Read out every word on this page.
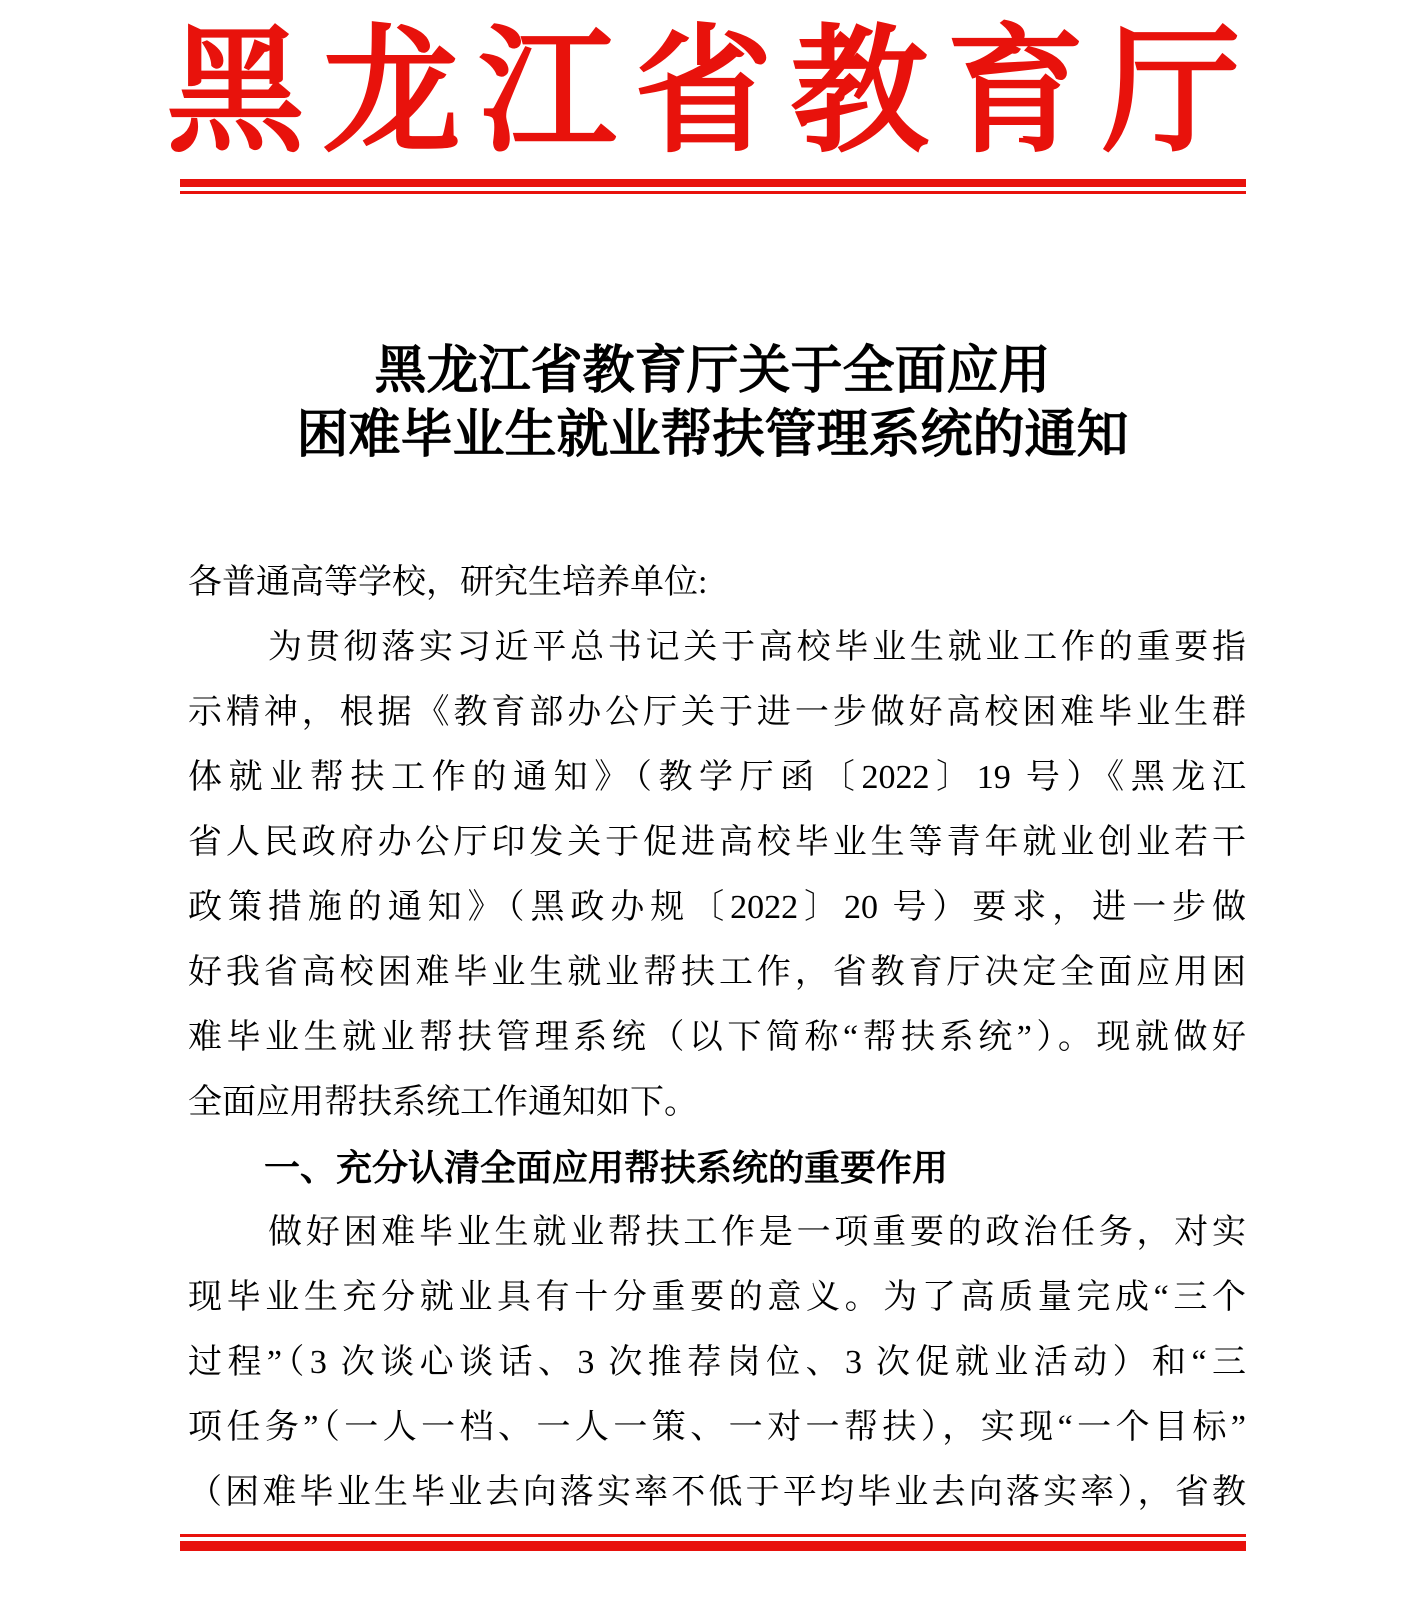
黑龙江省教育厅
黑龙江省教育厅关于全面应用
困难毕业生就业帮扶管理系统的通知
各普通高等学校，研究生培养单位:
为贯彻落实习近平总书记关于高校毕业生就业工作的重要指
示精神，根据《教育部办公厅关于进一步做好高校困难毕业生群
体就业帮扶工作的通知》（教学厅函〔2022〕19 号）《黑龙江
省人民政府办公厅印发关于促进高校毕业生等青年就业创业若干
政策措施的通知》（黑政办规〔2022〕20 号）要求，进一步做
好我省高校困难毕业生就业帮扶工作，省教育厅决定全面应用困
难毕业生就业帮扶管理系统（以下简称“帮扶系统”）。现就做好
全面应用帮扶系统工作通知如下。
一、充分认清全面应用帮扶系统的重要作用
做好困难毕业生就业帮扶工作是一项重要的政治任务，对实
现毕业生充分就业具有十分重要的意义。为了高质量完成“三个
过程”（3 次谈心谈话、3 次推荐岗位、3 次促就业活动）和“三
项任务”（一人一档、一人一策、一对一帮扶），实现“一个目标”
（困难毕业生毕业去向落实率不低于平均毕业去向落实率），省教
